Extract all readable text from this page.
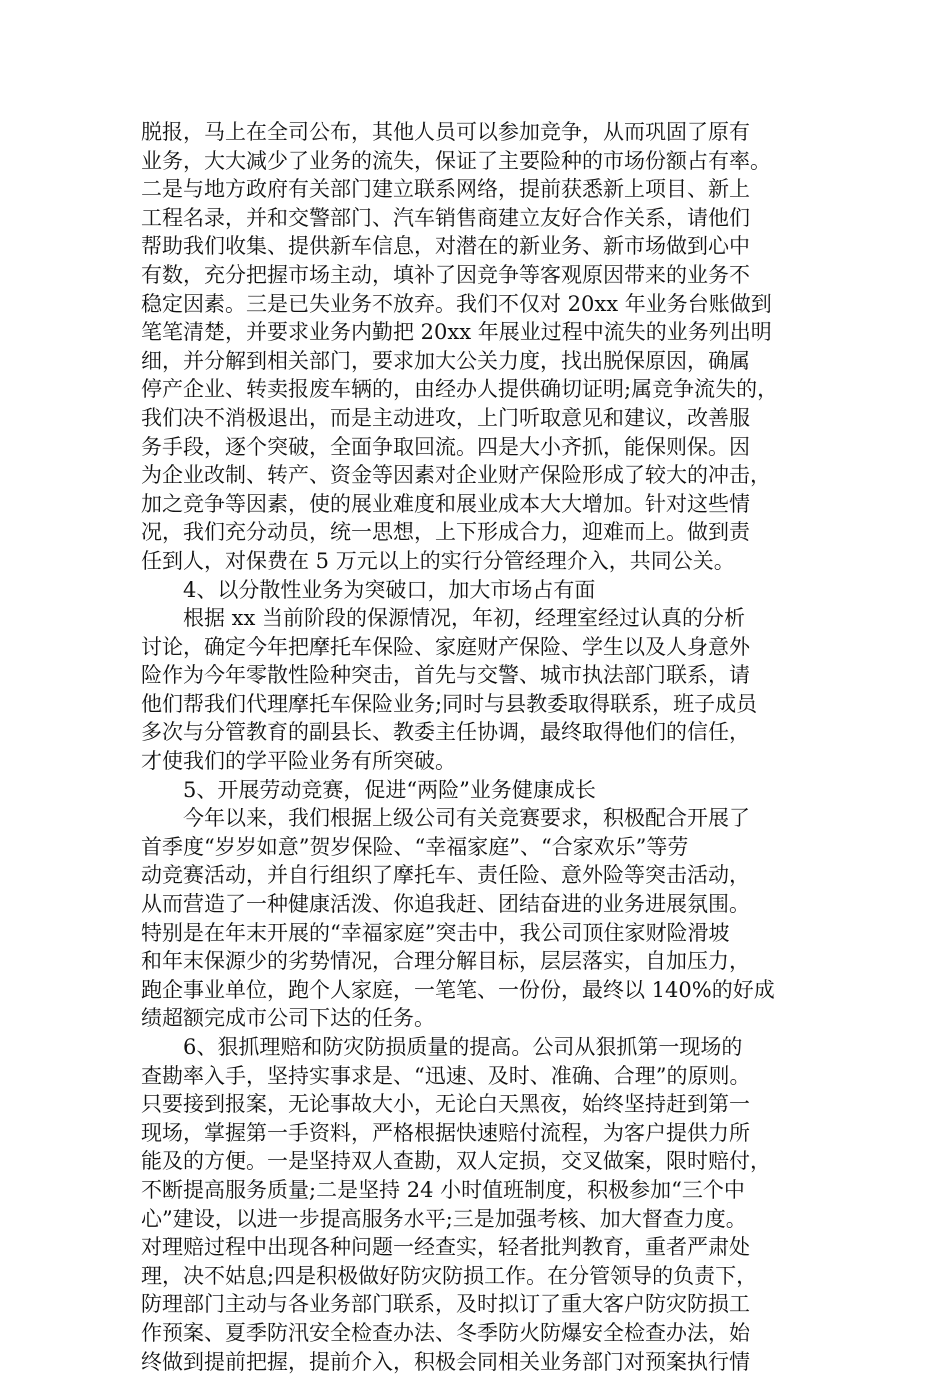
脱报，马上在全司公布，其他人员可以参加竞争，从而巩固了原有
业务，大大减少了业务的流失，保证了主要险种的市场份额占有率。
二是与地方政府有关部门建立联系网络，提前获悉新上项目、新上
工程名录，并和交警部门、汽车销售商建立友好合作关系，请他们
帮助我们收集、提供新车信息，对潜在的新业务、新市场做到心中
有数，充分把握市场主动，填补了因竞争等客观原因带来的业务不
稳定因素。三是已失业务不放弃。我们不仅对 20xx 年业务台账做到
笔笔清楚，并要求业务内勤把 20xx 年展业过程中流失的业务列出明
细，并分解到相关部门，要求加大公关力度，找出脱保原因，确属
停产企业、转卖报废车辆的，由经办人提供确切证明;属竞争流失的，
我们决不消极退出，而是主动进攻，上门听取意见和建议，改善服
务手段，逐个突破，全面争取回流。四是大小齐抓，能保则保。因
为企业改制、转产、资金等因素对企业财产保险形成了较大的冲击，
加之竞争等因素，使的展业难度和展业成本大大增加。针对这些情
况，我们充分动员，统一思想，上下形成合力，迎难而上。做到责
任到人，对保费在 5 万元以上的实行分管经理介入，共同公关。
4、以分散性业务为突破口，加大市场占有面
根据 xx 当前阶段的保源情况，年初，经理室经过认真的分析
讨论，确定今年把摩托车保险、家庭财产保险、学生以及人身意外
险作为今年零散性险种突击，首先与交警、城市执法部门联系，请
他们帮我们代理摩托车保险业务;同时与县教委取得联系，班子成员
多次与分管教育的副县长、教委主任协调，最终取得他们的信任，
才使我们的学平险业务有所突破。
5、开展劳动竞赛，促进“两险”业务健康成长
今年以来，我们根据上级公司有关竞赛要求，积极配合开展了
首季度“岁岁如意”贺岁保险、“幸福家庭”、“合家欢乐”等劳
动竞赛活动，并自行组织了摩托车、责任险、意外险等突击活动，
从而营造了一种健康活泼、你追我赶、团结奋进的业务进展氛围。
特别是在年末开展的“幸福家庭”突击中，我公司顶住家财险滑坡
和年末保源少的劣势情况，合理分解目标，层层落实，自加压力，
跑企事业单位，跑个人家庭，一笔笔、一份份，最终以 140%的好成
绩超额完成市公司下达的任务。
6、狠抓理赔和防灾防损质量的提高。公司从狠抓第一现场的
查勘率入手，坚持实事求是、“迅速、及时、准确、合理”的原则。
只要接到报案，无论事故大小，无论白天黑夜，始终坚持赶到第一
现场，掌握第一手资料，严格根据快速赔付流程，为客户提供力所
能及的方便。一是坚持双人查勘，双人定损，交叉做案，限时赔付，
不断提高服务质量;二是坚持 24 小时值班制度，积极参加“三个中
心”建设，以进一步提高服务水平;三是加强考核、加大督查力度。
对理赔过程中出现各种问题一经查实，轻者批判教育，重者严肃处
理，决不姑息;四是积极做好防灾防损工作。在分管领导的负责下，
防理部门主动与各业务部门联系，及时拟订了重大客户防灾防损工
作预案、夏季防汛安全检查办法、冬季防火防爆安全检查办法，始
终做到提前把握，提前介入，积极会同相关业务部门对预案执行情
